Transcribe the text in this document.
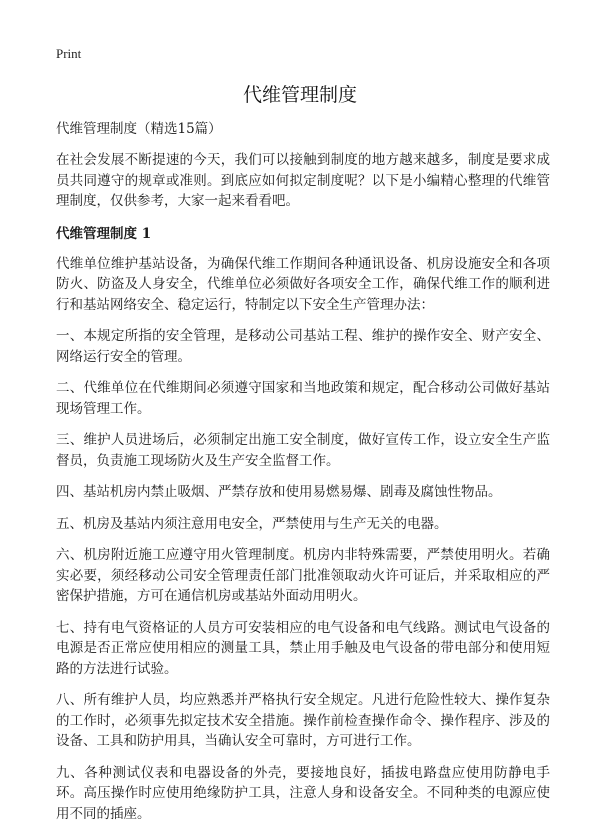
Print
代维管理制度
代维管理制度（精选15篇）

在社会发展不断提速的今天，我们可以接触到制度的地方越来越多，制度是要求成员共同遵守的规章或准则。到底应如何拟定制度呢？以下是小编精心整理的代维管理制度，仅供参考，大家一起来看看吧。

代维管理制度 1

代维单位维护基站设备，为确保代维工作期间各种通讯设备、机房设施安全和各项防火、防盗及人身安全，代维单位必须做好各项安全工作，确保代维工作的顺利进行和基站网络安全、稳定运行，特制定以下安全生产管理办法：

一、本规定所指的安全管理，是移动公司基站工程、维护的操作安全、财产安全、网络运行安全的管理。

二、代维单位在代维期间必须遵守国家和当地政策和规定，配合移动公司做好基站现场管理工作。

三、维护人员进场后，必须制定出施工安全制度，做好宣传工作，设立安全生产监督员，负责施工现场防火及生产安全监督工作。

四、基站机房内禁止吸烟、严禁存放和使用易燃易爆、剧毒及腐蚀性物品。

五、机房及基站内须注意用电安全，严禁使用与生产无关的电器。

六、机房附近施工应遵守用火管理制度。机房内非特殊需要，严禁使用明火。若确实必要，须经移动公司安全管理责任部门批准领取动火许可证后，并采取相应的严密保护措施，方可在通信机房或基站外面动用明火。

七、持有电气资格证的人员方可安装相应的电气设备和电气线路。测试电气设备的电源是否正常应使用相应的测量工具，禁止用手触及电气设备的带电部分和使用短路的方法进行试验。

八、所有维护人员，均应熟悉并严格执行安全规定。凡进行危险性较大、操作复杂的工作时，必须事先拟定技术安全措施。操作前检查操作命令、操作程序、涉及的设备、工具和防护用具，当确认安全可靠时，方可进行工作。

九、各种测试仪表和电器设备的外壳，要接地良好，插拔电路盘应使用防静电手环。高压操作时应使用绝缘防护工具，注意人身和设备安全。不同种类的电源应使用不同的插座。
